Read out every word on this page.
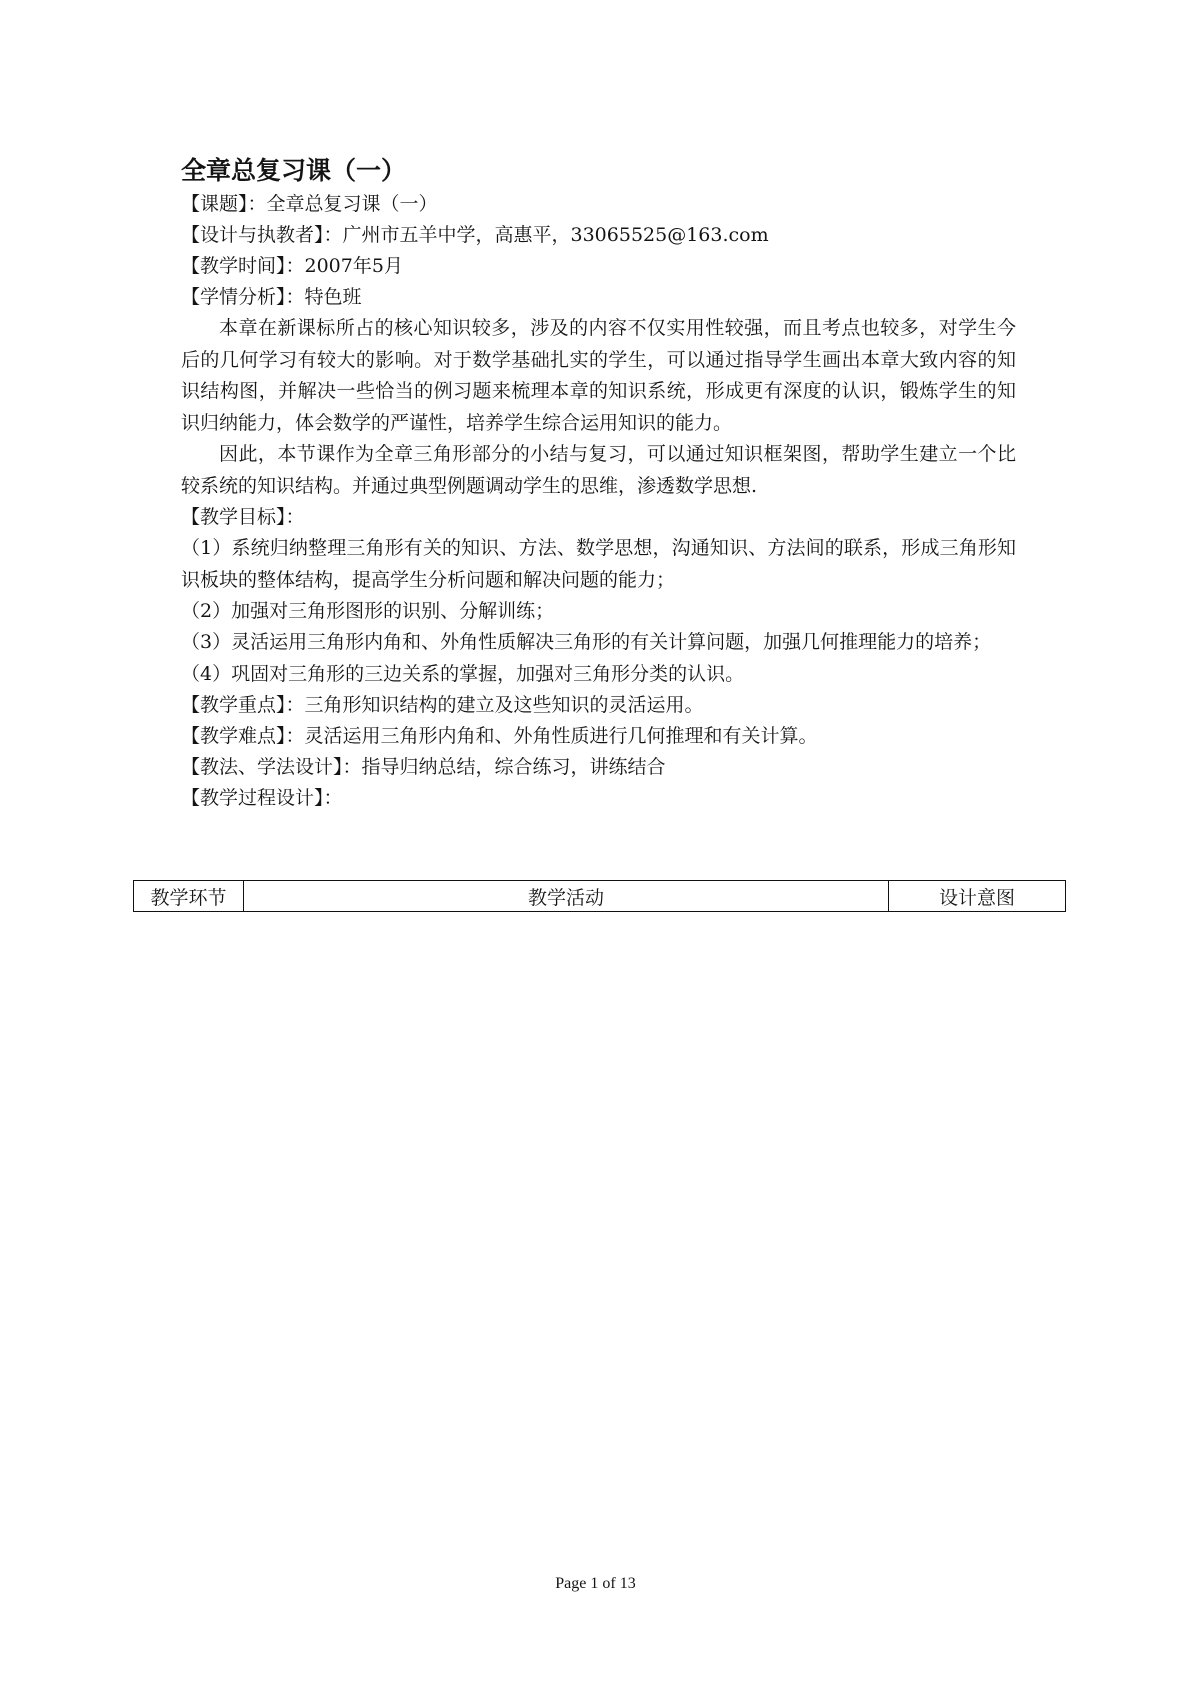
全章总复习课（一）
【课题】：全章总复习课（一）
【设计与执教者】：广州市五羊中学，高惠平，33065525@163.com
【教学时间】：2007年5月
【学情分析】：特色班

本章在新课标所占的核心知识较多，涉及的内容不仅实用性较强，而且考点也较多，对学生今后的几何学习有较大的影响。对于数学基础扎实的学生，可以通过指导学生画出本章大致内容的知识结构图，并解决一些恰当的例习题来梳理本章的知识系统，形成更有深度的认识，锻炼学生的知识归纳能力，体会数学的严谨性，培养学生综合运用知识的能力。

因此，本节课作为全章三角形部分的小结与复习，可以通过知识框架图，帮助学生建立一个比较系统的知识结构。并通过典型例题调动学生的思维，渗透数学思想.

【教学目标】：

（1）系统归纳整理三角形有关的知识、方法、数学思想，沟通知识、方法间的联系，形成三角形知识板块的整体结构，提高学生分析问题和解决问题的能力；

（2）加强对三角形图形的识别、分解训练；

（3）灵活运用三角形内角和、外角性质解决三角形的有关计算问题，加强几何推理能力的培养；

（4）巩固对三角形的三边关系的掌握，加强对三角形分类的认识。
【教学重点】：三角形知识结构的建立及这些知识的灵活运用。
【教学难点】：灵活运用三角形内角和、外角性质进行几何推理和有关计算。
【教法、学法设计】：指导归纳总结，综合练习，讲练结合
【教学过程设计】：
教学环节	教学活动	设计意图
Page 1 of 13
